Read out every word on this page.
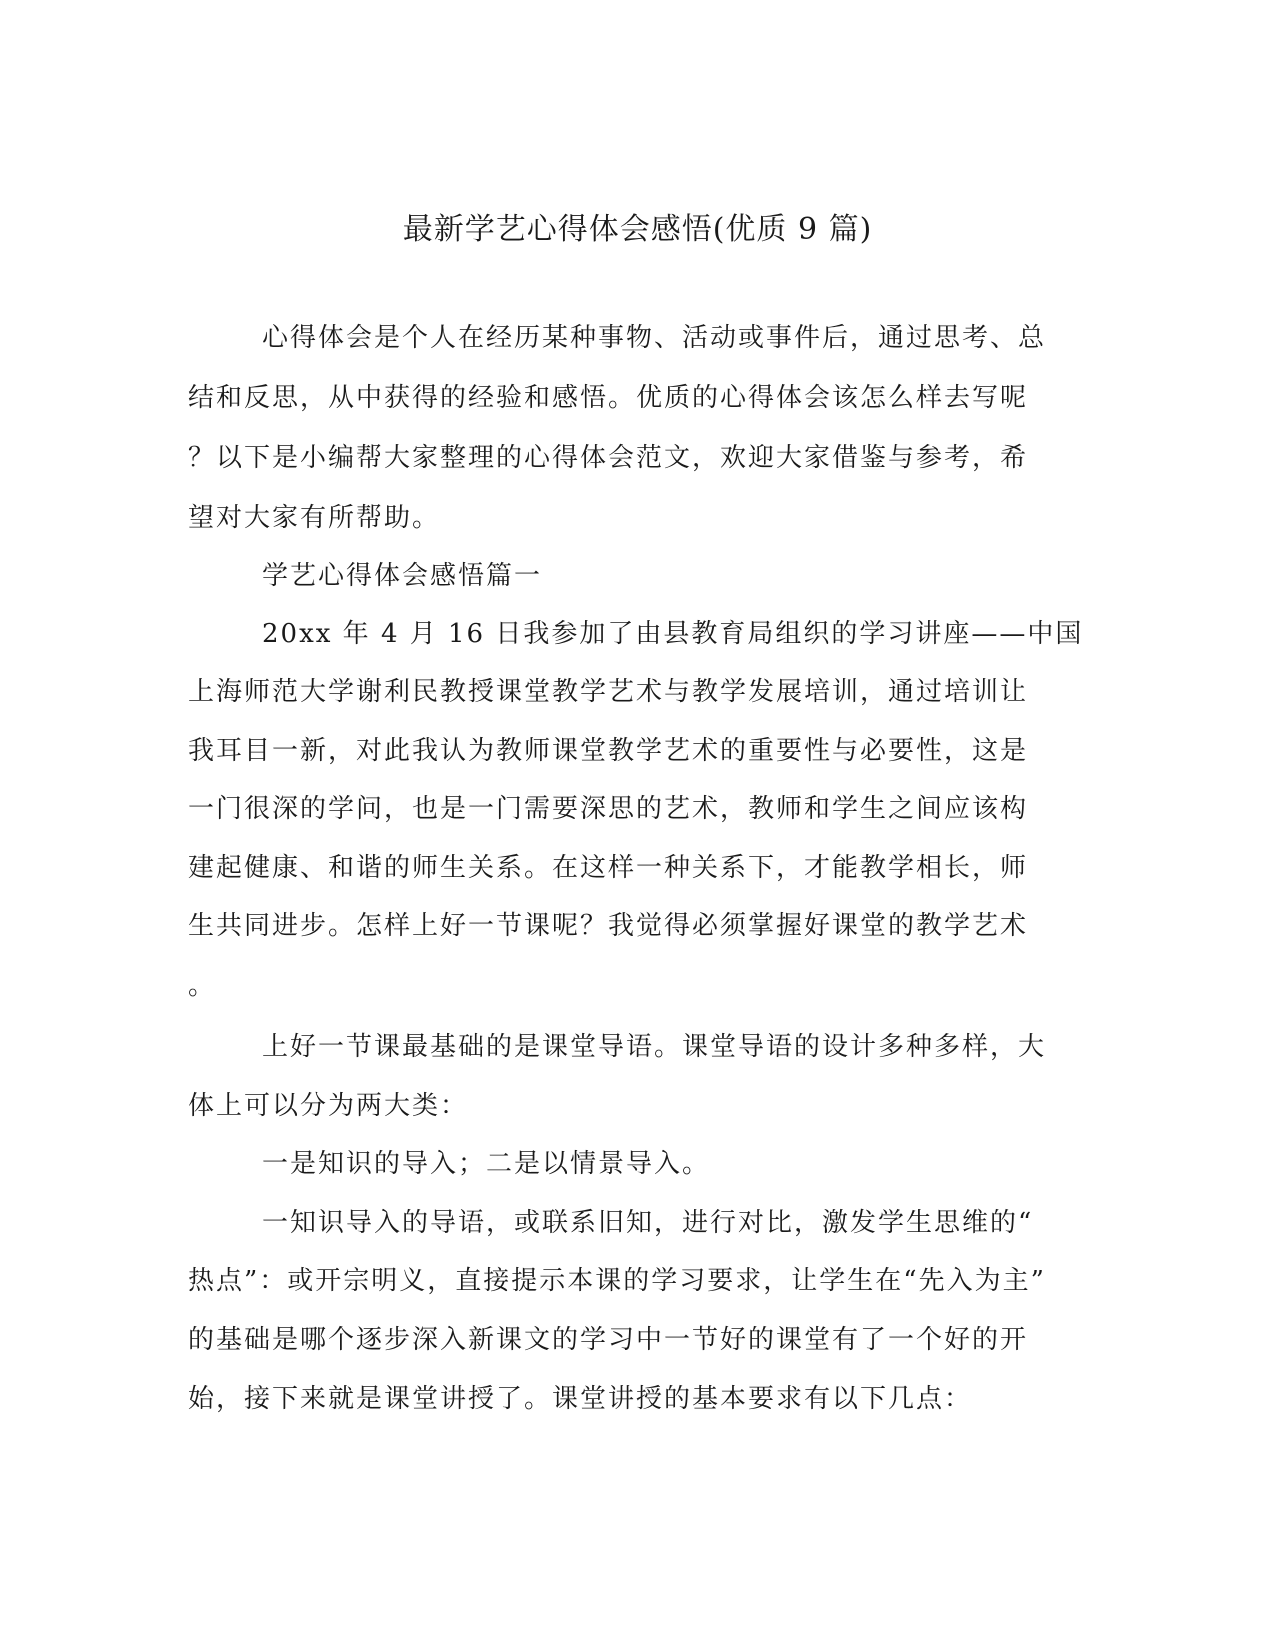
最新学艺心得体会感悟(优质 9 篇)

心得体会是个人在经历某种事物、活动或事件后，通过思考、总

结和反思，从中获得的经验和感悟。优质的心得体会该怎么样去写呢

？以下是小编帮大家整理的心得体会范文，欢迎大家借鉴与参考，希

望对大家有所帮助。

学艺心得体会感悟篇一

20xx 年 4 月 16 日我参加了由县教育局组织的学习讲座——中国

上海师范大学谢利民教授课堂教学艺术与教学发展培训，通过培训让

我耳目一新，对此我认为教师课堂教学艺术的重要性与必要性，这是

一门很深的学问，也是一门需要深思的艺术，教师和学生之间应该构

建起健康、和谐的师生关系。在这样一种关系下，才能教学相长，师

生共同进步。怎样上好一节课呢？我觉得必须掌握好课堂的教学艺术

。

上好一节课最基础的是课堂导语。课堂导语的设计多种多样，大

体上可以分为两大类：

一是知识的导入；二是以情景导入。

一知识导入的导语，或联系旧知，进行对比，激发学生思维的“

热点”：或开宗明义，直接提示本课的学习要求，让学生在“先入为主”

的基础是哪个逐步深入新课文的学习中一节好的课堂有了一个好的开

始，接下来就是课堂讲授了。课堂讲授的基本要求有以下几点：
